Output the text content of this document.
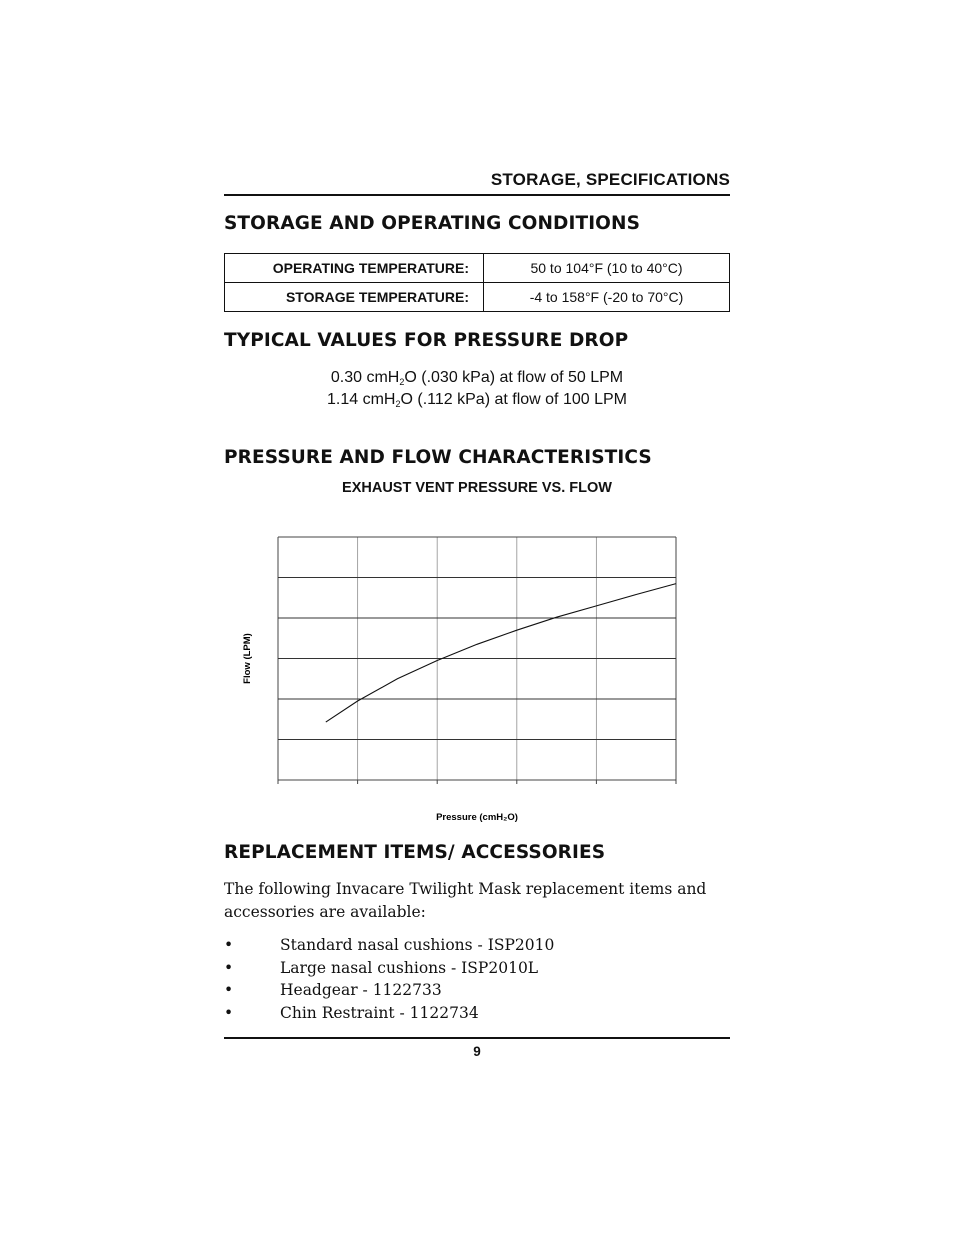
STORAGE, SPECIFICATIONS
STORAGE AND OPERATING CONDITIONS
OPERATING TEMPERATURE:	50 to 104°F (10 to 40°C)
STORAGE TEMPERATURE:	-4 to 158°F (-20 to 70°C)
TYPICAL VALUES FOR PRESSURE DROP
0.30 cmH$_2$O (.030 kPa) at flow of 50 LPM
1.14 cmH$_2$O (.112 kPa) at flow of 100 LPM
PRESSURE AND FLOW CHARACTERISTICS
EXHAUST VENT PRESSURE VS. FLOW
Flow (LPM)
Pressure (cmH₂O)
REPLACEMENT ITEMS/ ACCESSORIES
The following Invacare Twilight Mask replacement items and accessories are available:
•	Standard nasal cushions - ISP2010
•	Large nasal cushions - ISP2010L
•	Headgear - 1122733
•	Chin Restraint - 1122734
9
